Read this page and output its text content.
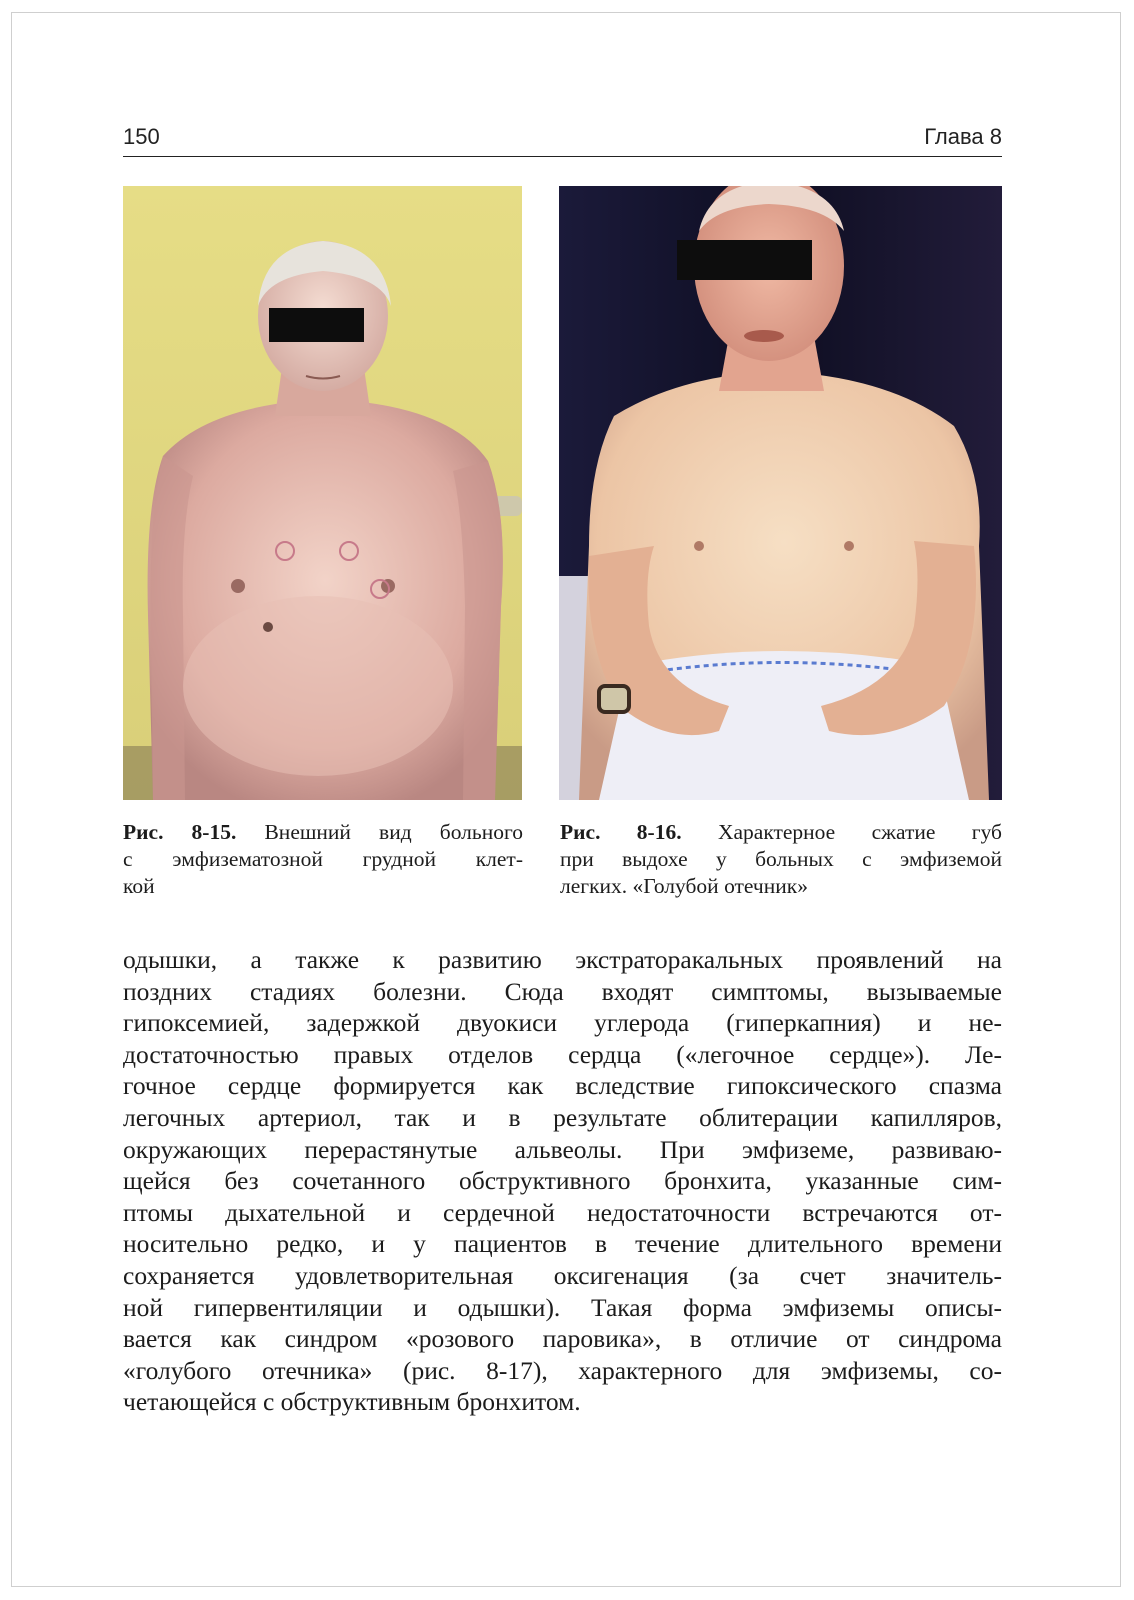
150	Глава 8
Рис. 8-15. Внешний вид больного
с эмфизематозной грудной клет-
кой
Рис. 8-16. Характерное сжатие губ
при выдохе у больных с эмфиземой
легких. «Голубой отечник»
одышки, а также к развитию экстраторакальных проявлений на
поздних стадиях болезни. Сюда входят симптомы, вызываемые
гипоксемией, задержкой двуокиси углерода (гиперкапния) и не-
достаточностью правых отделов сердца («легочное сердце»). Ле-
гочное сердце формируется как вследствие гипоксического спазма
легочных артериол, так и в результате облитерации капилляров,
окружающих перерастянутые альвеолы. При эмфиземе, развиваю-
щейся без сочетанного обструктивного бронхита, указанные сим-
птомы дыхательной и сердечной недостаточности встречаются от-
носительно редко, и у пациентов в течение длительного времени
сохраняется удовлетворительная оксигенация (за счет значитель-
ной гипервентиляции и одышки). Такая форма эмфиземы описы-
вается как синдром «розового паровика», в отличие от синдрома
«голубого отечника» (рис. 8-17), характерного для эмфиземы, со-
четающейся с обструктивным бронхитом.
